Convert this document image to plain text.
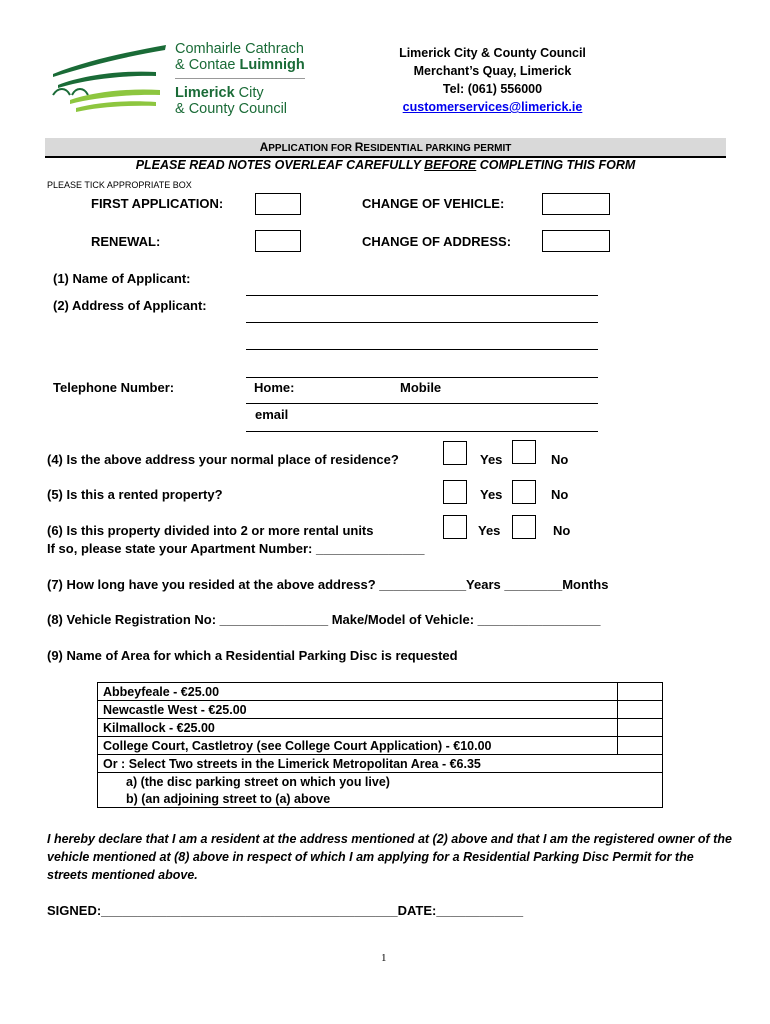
Comhairle Cathrach
& Contae Luimnigh
Limerick City
& County Council
Limerick City & County Council
Merchant’s Quay, Limerick
Tel: (061) 556000
customerservices@limerick.ie
APPLICATION FOR RESIDENTIAL PARKING PERMIT
PLEASE READ NOTES OVERLEAF CAREFULLY BEFORE COMPLETING THIS FORM
PLEASE TICK APPROPRIATE BOX
FIRST APPLICATION:	CHANGE OF VEHICLE:
RENEWAL:	CHANGE OF ADDRESS:
(1) Name of Applicant:
(2) Address of Applicant:
Telephone Number:	Home:	Mobile
email
(4) Is the above address your normal place of residence?	Yes	No
(5) Is this a rented property?	Yes	No
(6) Is this property divided into 2 or more rental units	Yes	No
If so, please state your Apartment Number: _______________
(7) How long have you resided at the above address? ____________Years ________Months
(8) Vehicle Registration No: _______________ Make/Model of Vehicle: _________________
(9) Name of Area for which a Residential Parking Disc is requested
Abbeyfeale - €25.00	
Newcastle West - €25.00	
Kilmallock - €25.00	
College Court, Castletroy (see College Court Application) - €10.00	
Or : Select Two streets in the Limerick Metropolitan Area - €6.35	
a) (the disc parking street on which you live)	
b) (an adjoining street to (a) above	
I hereby declare that I am a resident at the address mentioned at (2) above and that I am the registered owner of the vehicle mentioned at (8) above in respect of which I am applying for a Residential Parking Disc Permit for the streets mentioned above.
SIGNED:_________________________________________DATE:____________
1
